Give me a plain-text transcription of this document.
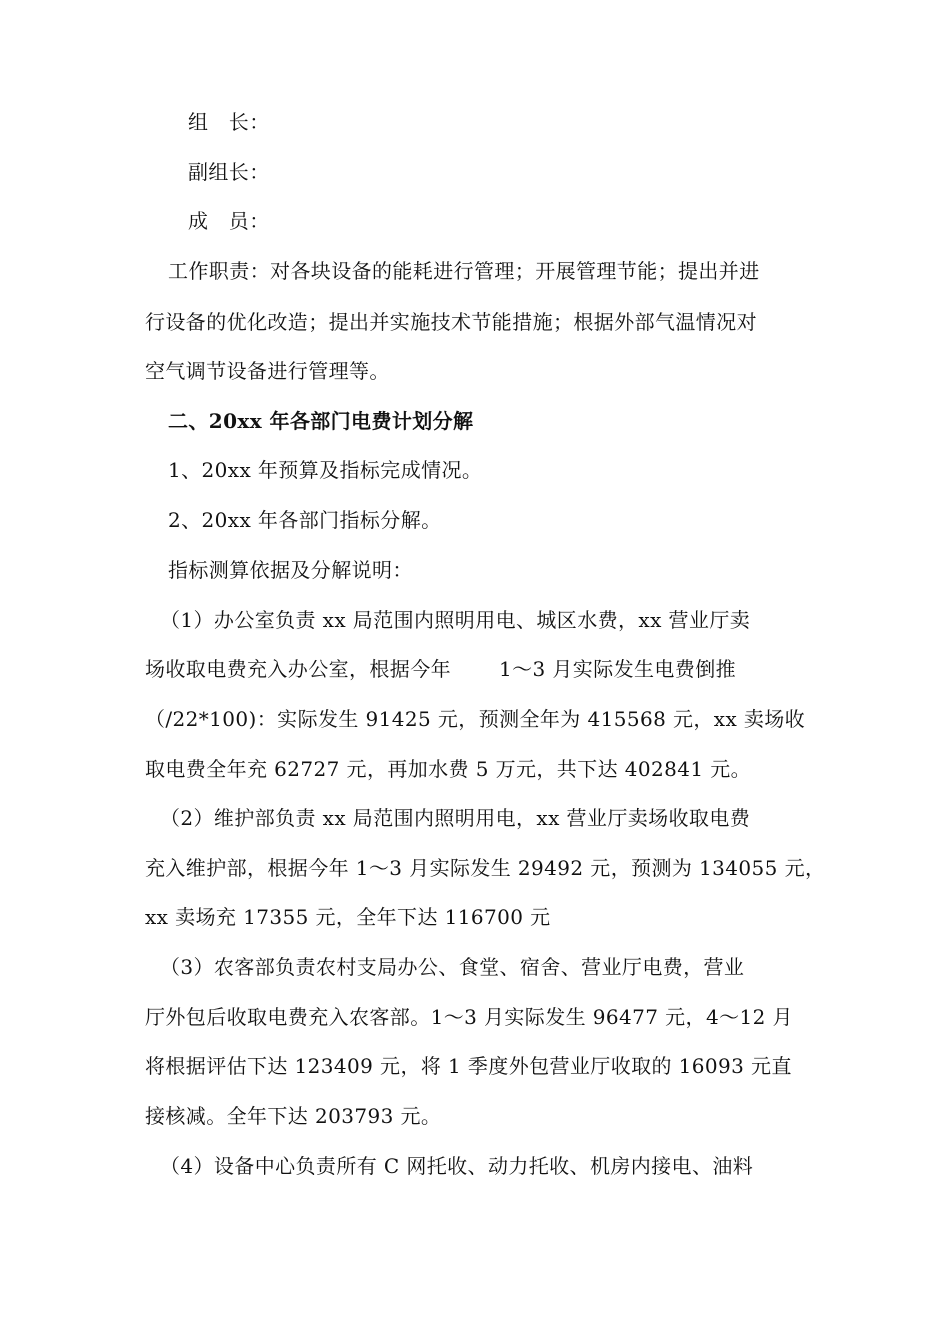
组　长：
副组长：
成　员：
工作职责：对各块设备的能耗进行管理；开展管理节能；提出并进
行设备的优化改造；提出并实施技术节能措施；根据外部气温情况对
空气调节设备进行管理等。
二、20xx 年各部门电费计划分解
1、20xx 年预算及指标完成情况。
2、20xx 年各部门指标分解。
指标测算依据及分解说明：
（1）办公室负责 xx 局范围内照明用电、城区水费，xx 营业厅卖
场收取电费充入办公室，根据今年 1～3 月实际发生电费倒推
（/22*100)：实际发生 91425 元，预测全年为 415568 元，xx 卖场收
取电费全年充 62727 元，再加水费 5 万元，共下达 402841 元。
（2）维护部负责 xx 局范围内照明用电，xx 营业厅卖场收取电费
充入维护部，根据今年 1～3 月实际发生 29492 元，预测为 134055 元，
xx 卖场充 17355 元，全年下达 116700 元
（3）农客部负责农村支局办公、食堂、宿舍、营业厅电费，营业
厅外包后收取电费充入农客部。1～3 月实际发生 96477 元，4～12 月
将根据评估下达 123409 元，将 1 季度外包营业厅收取的 16093 元直
接核减。全年下达 203793 元。
（4）设备中心负责所有 C 网托收、动力托收、机房内接电、油料
